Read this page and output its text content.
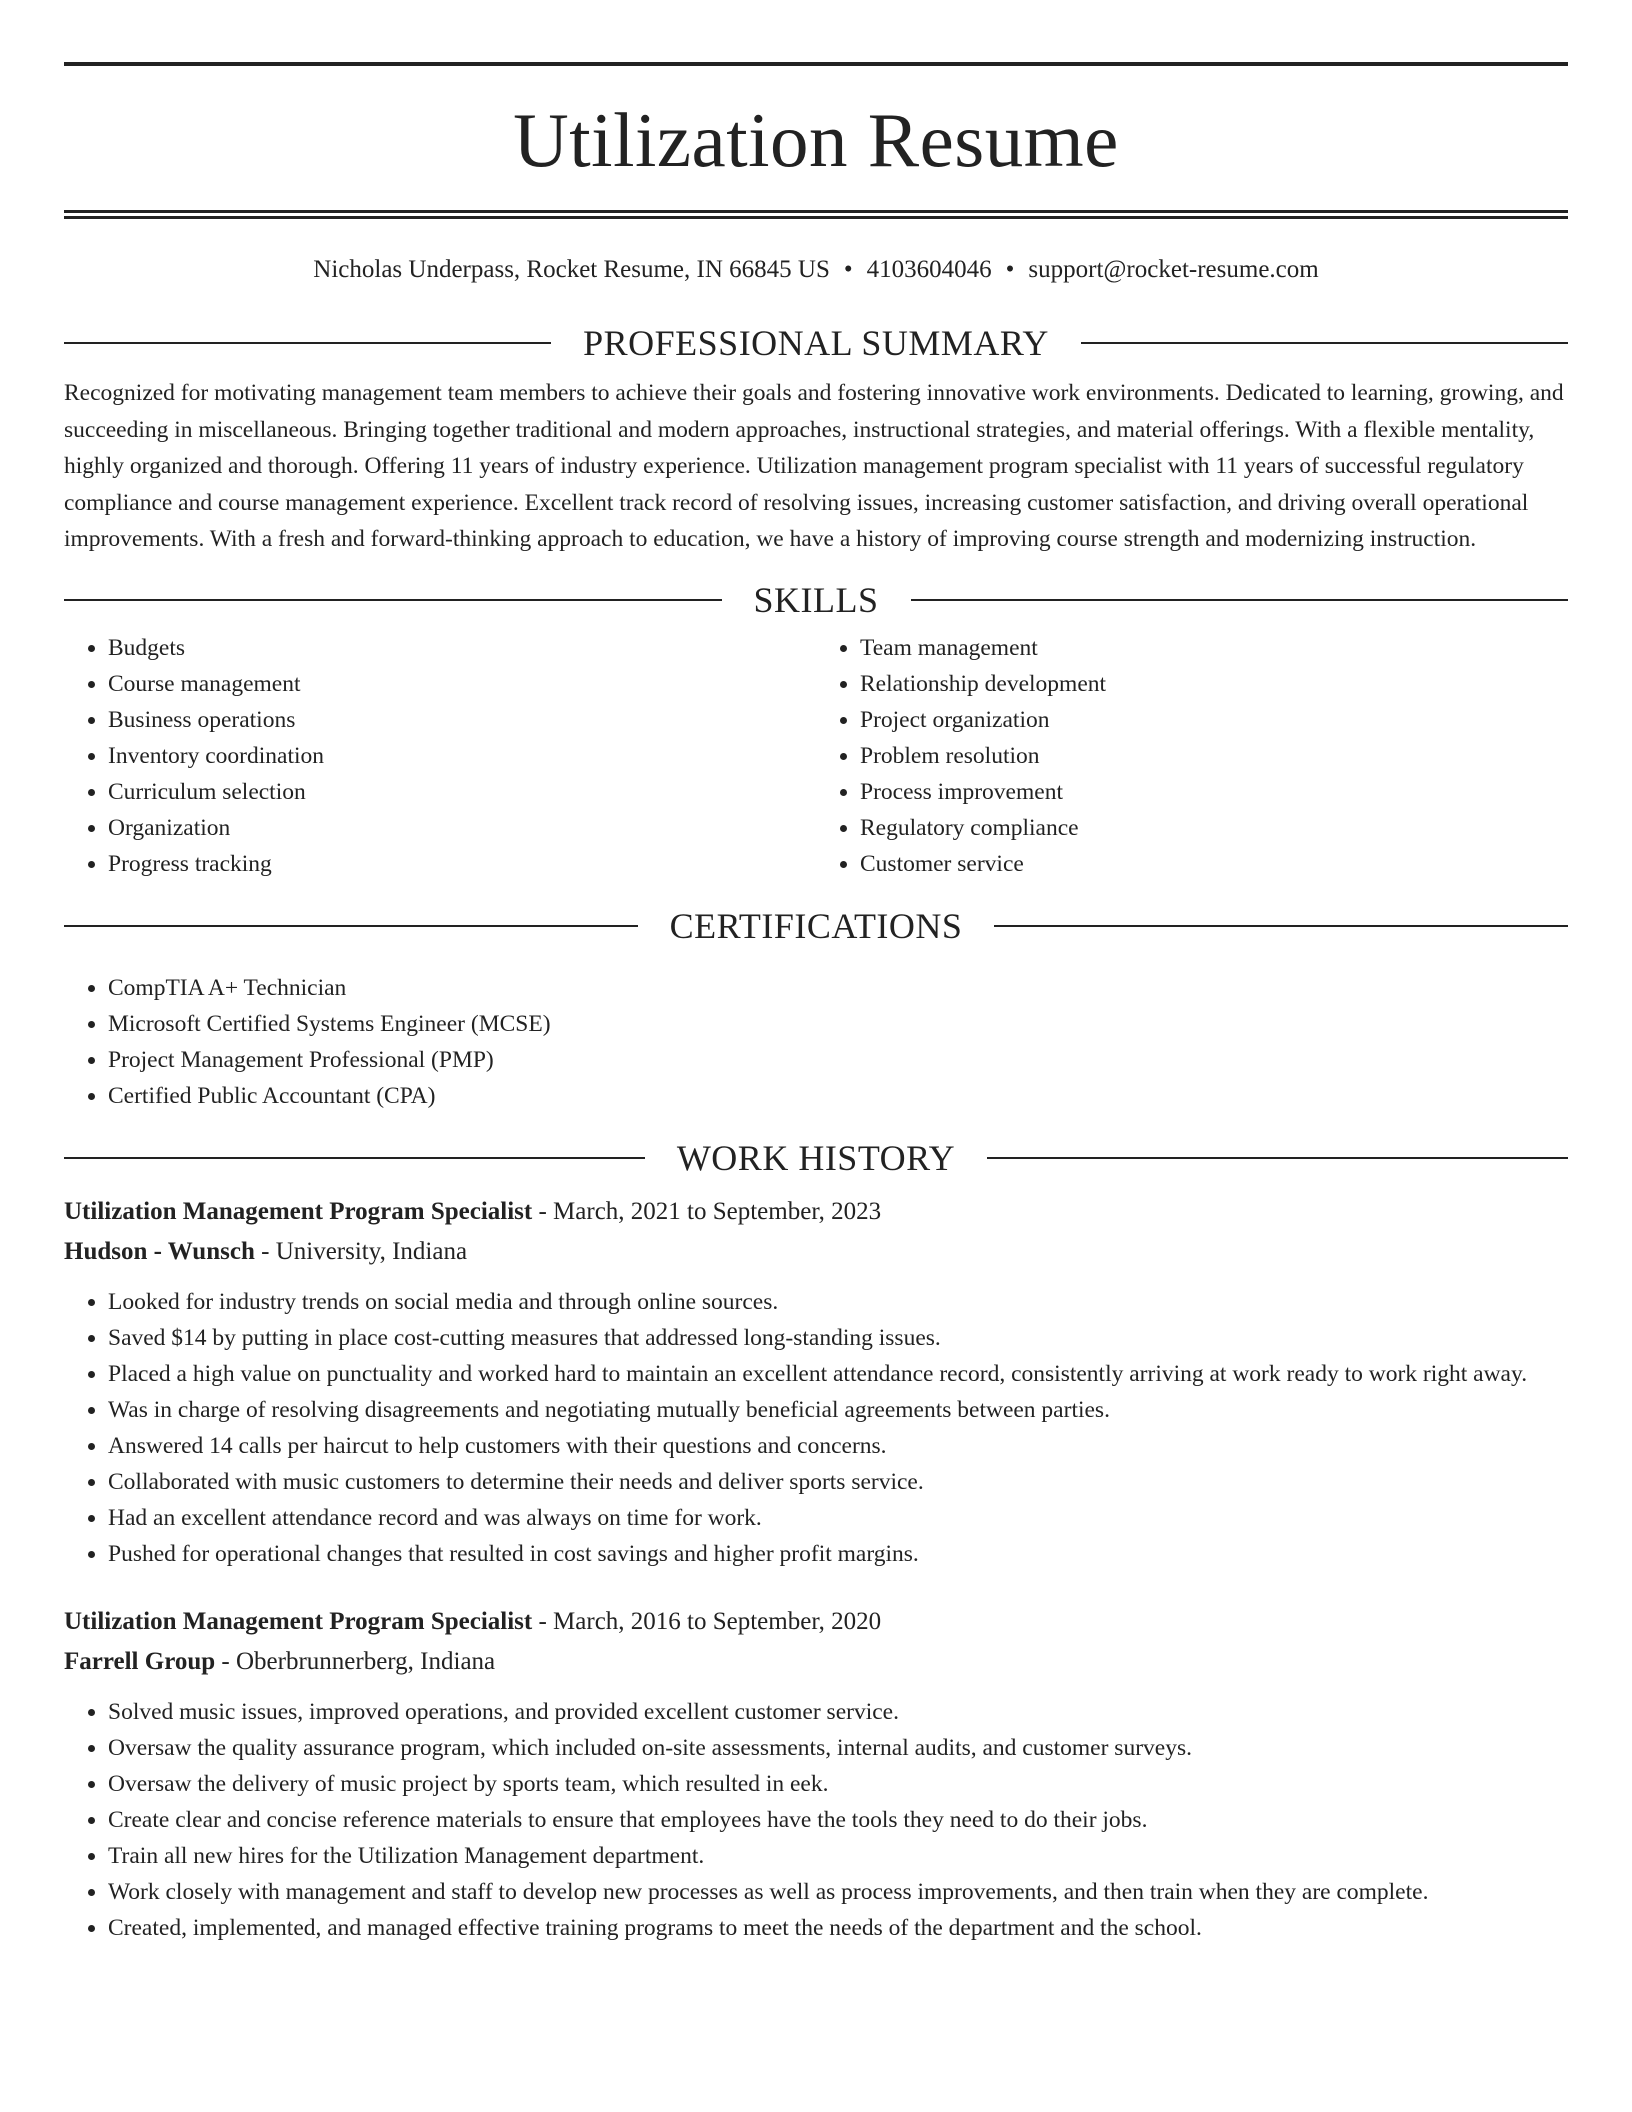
Utilization Resume
Nicholas Underpass, Rocket Resume, IN 66845 US • 4103604046 • support@rocket-resume.com
PROFESSIONAL SUMMARY

Recognized for motivating management team members to achieve their goals and fostering innovative work environments. Dedicated to learning, growing, and succeeding in miscellaneous. Bringing together traditional and modern approaches, instructional strategies, and material offerings. With a flexible mentality, highly organized and thorough. Offering 11 years of industry experience. Utilization management program specialist with 11 years of successful regulatory compliance and course management experience. Excellent track record of resolving issues, increasing customer satisfaction, and driving overall operational improvements. With a fresh and forward-thinking approach to education, we have a history of improving course strength and modernizing instruction.

SKILLS
• Budgets
• Course management
• Business operations
• Inventory coordination
• Curriculum selection
• Organization
• Progress tracking
• Team management
• Relationship development
• Project organization
• Problem resolution
• Process improvement
• Regulatory compliance
• Customer service
CERTIFICATIONS
• CompTIA A+ Technician
• Microsoft Certified Systems Engineer (MCSE)
• Project Management Professional (PMP)
• Certified Public Accountant (CPA)
WORK HISTORY
Utilization Management Program Specialist - March, 2021 to September, 2023
Hudson - Wunsch - University, Indiana
• Looked for industry trends on social media and through online sources.
• Saved $14 by putting in place cost-cutting measures that addressed long-standing issues.
• Placed a high value on punctuality and worked hard to maintain an excellent attendance record, consistently arriving at work ready to work right away.
• Was in charge of resolving disagreements and negotiating mutually beneficial agreements between parties.
• Answered 14 calls per haircut to help customers with their questions and concerns.
• Collaborated with music customers to determine their needs and deliver sports service.
• Had an excellent attendance record and was always on time for work.
• Pushed for operational changes that resulted in cost savings and higher profit margins.
Utilization Management Program Specialist - March, 2016 to September, 2020
Farrell Group - Oberbrunnerberg, Indiana
• Solved music issues, improved operations, and provided excellent customer service.
• Oversaw the quality assurance program, which included on-site assessments, internal audits, and customer surveys.
• Oversaw the delivery of music project by sports team, which resulted in eek.
• Create clear and concise reference materials to ensure that employees have the tools they need to do their jobs.
• Train all new hires for the Utilization Management department.
• Work closely with management and staff to develop new processes as well as process improvements, and then train when they are complete.
• Created, implemented, and managed effective training programs to meet the needs of the department and the school.
